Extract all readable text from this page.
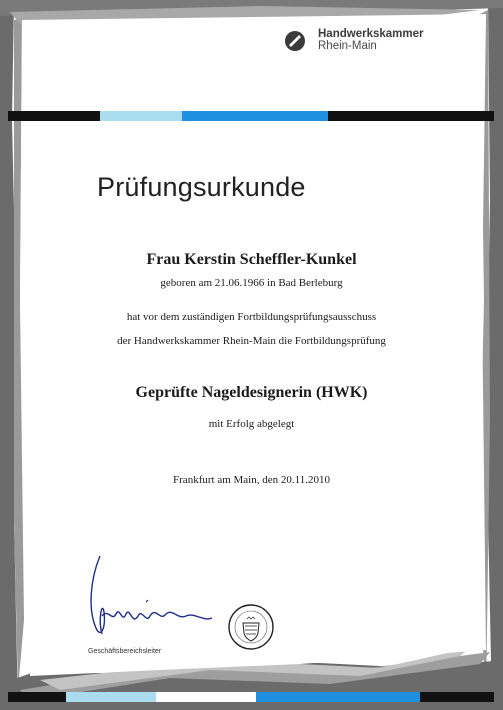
Handwerkskammer
Rhein-Main
Prüfungsurkunde
Frau Kerstin Scheffler-Kunkel
geboren am 21.06.1966 in Bad Berleburg
hat vor dem zuständigen Fortbildungsprüfungsausschuss
der Handwerkskammer Rhein-Main die Fortbildungsprüfung
Geprüfte Nageldesignerin (HWK)
mit Erfolg abgelegt
Frankfurt am Main, den 20.11.2010
Geschäftsbereichsleiter
